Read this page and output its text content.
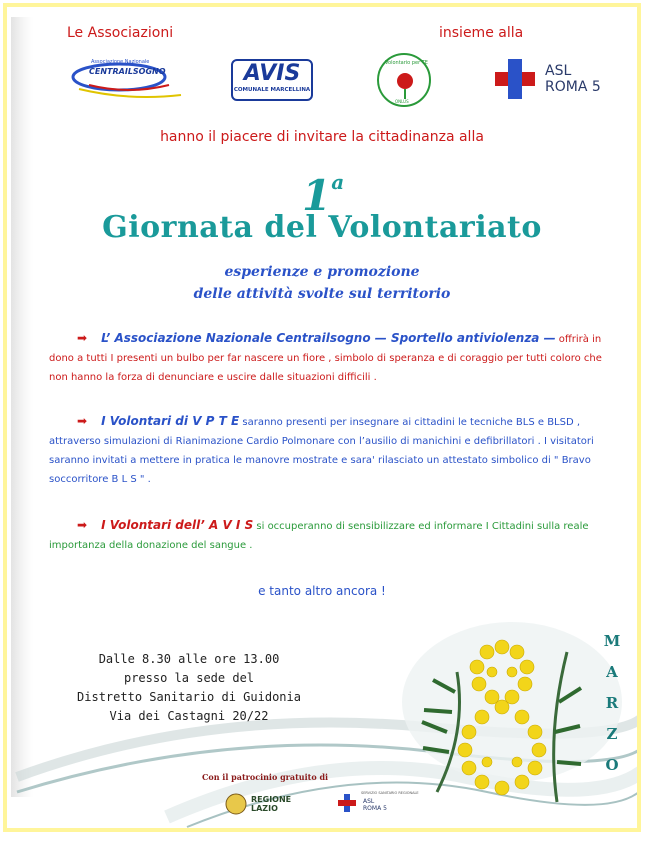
Le Associazioni	insieme alla
Associazione Nazionale
CENTRAILSOGNO	AVIS
COMUNALE MARCELLINA
Volontario per TE
ONLUS
ASL
ROMA 5
hanno il piacere di invitare la cittadinanza alla
1$^a$
Giornata del Volontariato
esperienze e promozione
delle attività svolte sul territorio
➡ L’ Associazione Nazionale Centrailsogno — Sportello antiviolenza — offrirà in dono a tutti I presenti un bulbo per far nascere un fiore , simbolo di speranza e di coraggio per tutti coloro che non hanno la forza di denunciare e uscire dalle situazioni difficili .
➡ I Volontari di V P T E saranno presenti per insegnare ai cittadini le tecniche BLS e BLSD , attraverso simulazioni di Rianimazione Cardio Polmonare con l’ausilio di manichini e defibrillatori . I visitatori saranno invitati a mettere in pratica le manovre mostrate e sara' rilasciato un attestato simbolico di " Bravo soccorritore B L S " .
➡ I Volontari dell’ A V I S si occuperanno di sensibilizzare ed informare I Cittadini sulla reale importanza della donazione del sangue .
e tanto altro ancora !
Dalle 8.30 alle ore 13.00
presso la sede del
Distretto Sanitario di Guidonia
Via dei Castagni 20/22
M
A
R
Z
O
Con il patrocinio gratuito di
REGIONE
LAZIO
SERVIZIO SANITARIO REGIONALE
ASL
ROMA 5
